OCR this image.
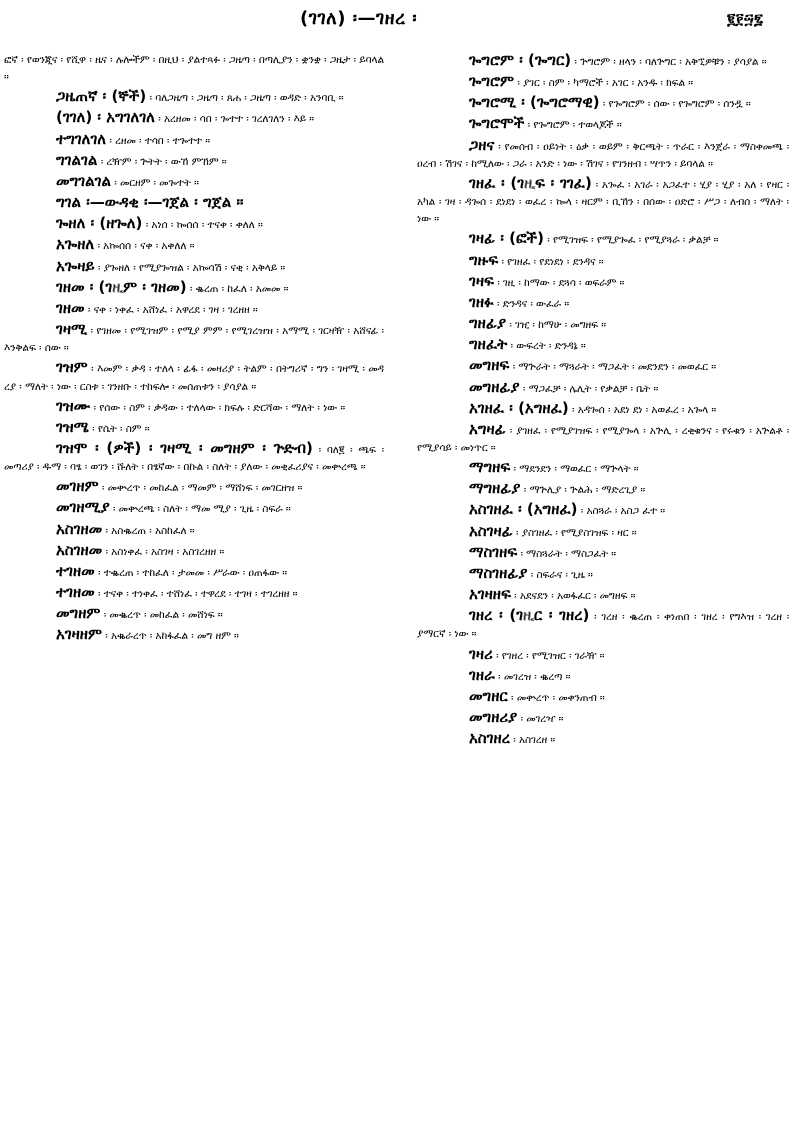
(ገገለ) ፡—ገዘረ ፡	፪፻፵፯

ፎኛ ፡ የወንጂና ፡ የሺዋ ፡ ዜና ፡ ሉሎችም ፡ በዚህ ፡ ያልተጻፉ ፡ ጋዜጣ ፡ በጣሊያን ፡ ቋንቋ ፡ ጋዜታ ፡ ይባላል ።

ጋዜጠኛ ፡ (ኞች) ፡ ባለጋዜጣ ፡ ጋዜጣ ፡ ጸሐ ፡ ጋዜጣ ፡ ወዳድ ፡ አንባቢ ።

(ገገለ) ፡ አግገለገለ ፡ አረዘመ ፡ ሳበ ፡ ጐተተ ፡ ገረለገለን ፡ እይ ።

ተግገለገለ ፡ ረዘመ ፡ ተሳበ ፡ ተጐተተ ።

ግገልገል ፡ ረዥም ፡ ጕትት ፡ ውኸ ምኸም ።

መግገልገል ፡ መርዘም ፡ መጐተት ።

ግገል ፡—ውዳቂ ፡—ገጀል ፡ ግጀል ።

ጐዘለ ፡ (ዘጐለ) ፡ አነሰ ፡ ኰሰሰ ፡ ተናቀ ፡ ቀለለ ።

አጐዘለ ፡ አኰሰሰ ፡ ናቀ ፡ አቀለለ ።

አጐዛይ ፡ ያጐዘለ ፡ የሚያጐዝል ፡ አኰሳሽ ፡ ናቂ ፡ አቅላይ ።

ገዘመ ፡ (ገዚም ፡ ገዘመ) ፡ ቈረጠ ፡ ከፈለ ፡ አመመ ።

ገዘመ ፡ ናቀ ፡ ነቀፈ ፡ አሸነፈ ፡ አዋረደ ፡ ገዛ ፡ ገረዘዘ ።

ገዛሚ ፡ የገዘመ ፡ የሚገዝም ፡ የሚያ ምም ፡ የሚገረዝዝ ፡ አማሚ ፡ ገርዛዥ ፡ አሸናፊ ፡ እንቅልፍ ፡ ሰው ።

ገዝም ፡ እመም ፡ ቃዳ ፡ ተለላ ፡ ፊፋ ፡ መዛሪያ ፡ ትልም ፡ በትግሪኛ ፡ ግን ፡ ገዛሚ ፡ መዳ ረያ ፡ ማለት ፡ ነው ፡ ርስቱ ፡ ገንዘቡ ፡ ተከፍሎ ፡ መሰጠቱን ፡ ያሳያል ።

ገዝሙ ፡ የሰው ፡ ስም ፡ ቃዳው ፡ ተለላው ፡ ክፍሉ ፡ ድርሻው ፡ ማለት ፡ ነው ።

ገዝሜ ፡ የሴት ፡ ስም ።

ገዝሞ ፡ (ዎች) ፡ ገዛሚ ፡ መግዘም ፡ ጕድብ) ፡ ባለ፪ ፡ ጫፍ ፡ መጣሪያ ፡ ዱማ ፡ ባፄ ፡ ወገን ፡ ሹለት ፡ በፄኛው ፡ በኩል ፡ ስለት ፡ ያለው ፡ መቂፈሪያና ፡ መቍረጫ ።

መገዘም ፡ መቍረጥ ፡ መከፈል ፡ ማመም ፡ ማሸነፍ ፡ መገርዘዝ ።

መገዘሚያ ፡ መቍረጫ ፡ ስለት ፡ ማመ ሚያ ፡ ጊዜ ፡ ስፍራ ።

አስገዘመ ፡ አስቈረጠ ፡ አስከፈለ ።

አስገዘመ ፡ አስነቀፈ ፡ አስገዛ ፡ አስገረዘዘ ።

ተገዘመ ፡ ተቈረጠ ፡ ተከፈለ ፡ ታመመ ፡ ሥራው ፡ ዐጠፋው ።

ተገዘመ ፡ ተናቀ ፡ ተነቀፈ ፡ ተሸነፈ ፡ ተዋረደ ፡ ተገዛ ፡ ተገረዘዘ ።

መግዘም ፡ መቈረጥ ፡ መከፈል ፡ መሸነፍ ።

አገዛዘም ፡ አቈራረጥ ፡ አከፋፈል ፡ መግ ዘም ።

ጐግሮም ፡ (ጐግር) ፡ ጕግሮም ፡ ዘላን ፡ ባለጕግር ፡ አቅኚዎቹን ፡ ያሳያል ።

ጐግሮም ፡ ያገር ፡ ስም ፡ ካማሮች ፡ አገር ፡ አንዱ ፡ ክፍል ።

ጐግሮሚ ፡ (ጐግሮማዊ) ፡ የጐግሮም ፡ ሰው ፡ የጐግሮም ፡ ሰንዷ ።

ጐግሮሞች ፡ የጐግሮም ፡ ተወላጆች ።

ጋዘና ፡ የመሰብ ፡ ዐይነት ፡ ዕቃ ፡ ወይም ፡ ቅርጫት ፡ ጥራር ፡ እንጀራ ፡ ማስቀመጫ ፡ ዐረብ ፡ ሽገና ፡ ከሚለው ፡ ጋራ ፡ አንድ ፡ ነው ፡ ሽገና ፡ የገንዘብ ፡ ሣጥን ፡ ይባላል ።

ገዘፈ ፡ (ገዚፍ ፡ ገገፈ) ፡ አጐፈ ፡ አገራ ፡ አጋፈተ ፡ ሂያ ፡ ሂያ ፡ አለ ፡ የዛር ፡ አካል ፡ ገዛ ፡ ዳጐሰ ፡ ደነደነ ፡ ወፈረ ፡ ኰላ ፡ ዛርም ፡ ቢኸን ፡ በሰው ፡ ዐድሮ ፡ ሥጋ ፡ ለብሰ ፡ ማለት ፡ ነው ።

ገዛፊ ፡ (ፎች) ፡ የሚገዝፍ ፡ የሚያጐፈ ፡ የሚያጓራ ፡ ቃልቻ ።

ግዙፍ ፡ የገዘፈ ፡ የደነደነ ፡ ደንዳና ።

ገዛፍ ፡ ገዚ ፡ ከማው ፡ ደጓሳ ፡ ወፍራም ።

ገዘፉ ፡ ድንዳና ፡ ውፈራ ።

ግዘፊያ ፡ ገዢ ፡ ከማሁ ፡ መግዘፍ ።

ግዘፈት ፡ ውፍረት ፡ ድንዳኔ ።

መግዘፍ ፡ ማጕራት ፡ ማጓራት ፡ ማጋፈት ፡ መደንደን ፡ መወፈር ።

መግዘፊያ ፡ ማጋፈቻ ፡ ሌሊት ፡ የቃልቻ ፡ ቤት ።

አገዘፈ ፡ (አግዘፈ) ፡ አዳጐሰ ፡ አደነ ደነ ፡ አወፈረ ፡ አጐላ ።

አግዛፊ ፡ ያገዘፈ ፡ የሚያገዝፍ ፡ የሚያጐላ ፡ አጕሊ ፡ ረቂቁንና ፡ የሩቁን ፡ አጕልቶ ፡ የሚያሳይ ፡ መነጥር ።

ማግዘፍ ፡ ማደንደን ፡ ማወፈር ፡ ማጕላት ።

ማግዘፊያ ፡ ማጕሊያ ፡ ጕልሕ ፡ ማድረጊያ ።

አስገዘፈ ፡ (አግዘፈ) ፡ አስጓራ ፡ አስጋ ፈተ ።

አስገዛፊ ፡ ያስገዘፈ ፡ የሚያስገዝፍ ፡ ዛር ።

ማስገዘፍ ፡ ማስጓራት ፡ ማስጋፈት ።

ማስገዘፊያ ፡ ስፍራና ፡ ጊዜ ።

አገዛዘፍ ፡ አደናደን ፡ አወፋፈር ፡ መግዘፍ ።

ገዘረ ፡ (ገዚር ፡ ገዘረ) ፡ ገረዘ ፡ ቈረጠ ፡ ቀነጠበ ፡ ገዘረ ፡ የግእዝ ፡ ገረዘ ፡ ያማርኛ ፡ ነው ።

ገዛሪ ፡ የገዘረ ፡ የሚገዝር ፡ ገራዥ ።

ገዘራ ፡ መገረዝ ፡ ቈረጣ ።

መግዘር ፡ መቍረጥ ፡ መቀንጠብ ።

መግዘሪያ ፡ መገረዣ ።

አስገዘረ ፡ አስገረዘ ።
